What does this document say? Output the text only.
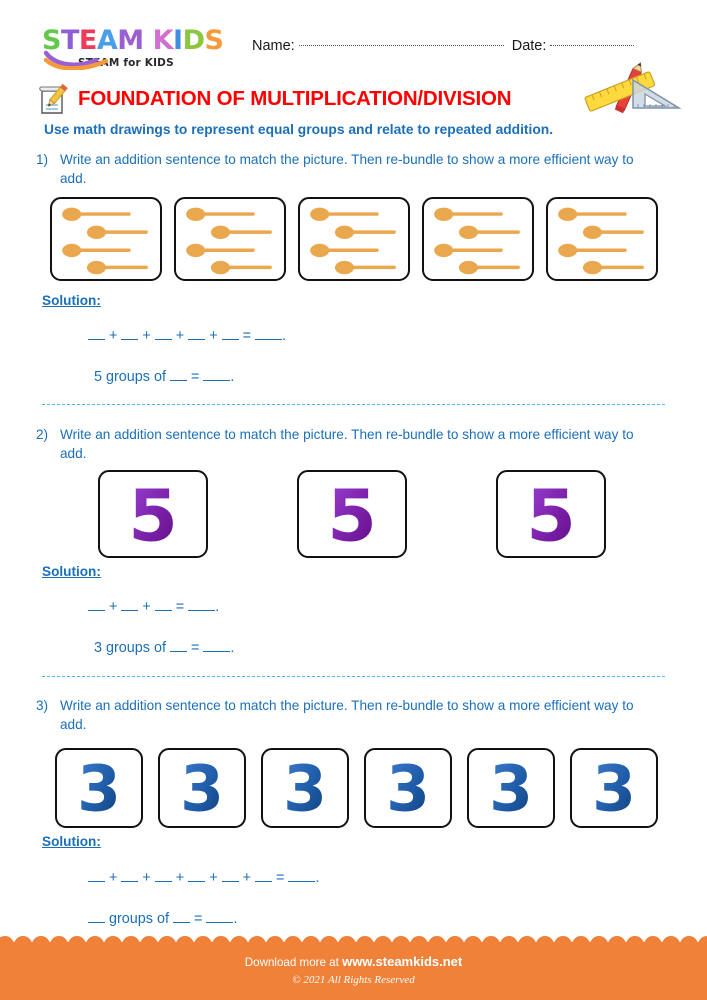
STEAM KIDS
STEAM for KIDS
Name:	Date:
FOUNDATION OF MULTIPLICATION/DIVISION
Use math drawings to represent equal groups and relate to repeated addition.
1) Write an addition sentence to match the picture. Then re-bundle to show a more efficient way to add.
Solution:
+  +  +  +  = .
5 groups of  = .
2) Write an addition sentence to match the picture. Then re-bundle to show a more efficient way to add.
5 5 5
Solution:
+  +  = .
3 groups of  = .
3) Write an addition sentence to match the picture. Then re-bundle to show a more efficient way to add.
3 3 3 3 3 3
Solution:
+  +  +  +  +  = .
groups of  = .
Download more at www.steamkids.net
© 2021 All Rights Reserved
